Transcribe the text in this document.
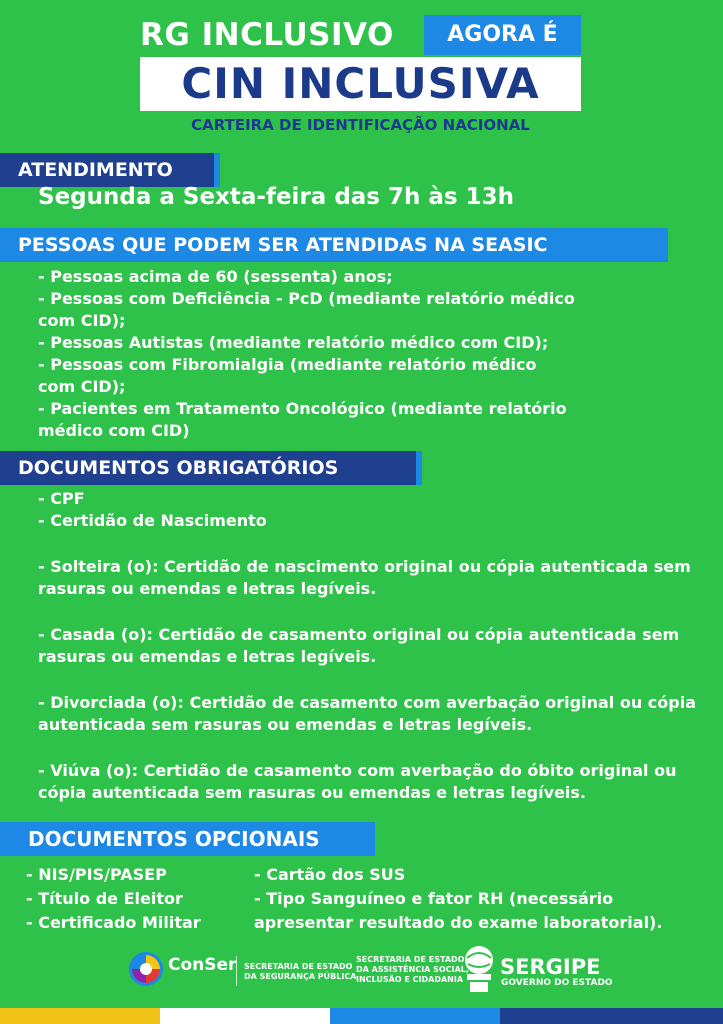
RG INCLUSIVO	AGORA É
CIN INCLUSIVA
CARTEIRA DE IDENTIFICAÇÃO NACIONAL
ATENDIMENTO
Segunda a Sexta-feira das 7h às 13h
PESSOAS QUE PODEM SER ATENDIDAS NA SEASIC
- Pessoas acima de 60 (sessenta) anos;
- Pessoas com Deficiência - PcD (mediante relatório médico
com CID);
- Pessoas Autistas (mediante relatório médico com CID);
- Pessoas com Fibromialgia (mediante relatório médico
com CID);
- Pacientes em Tratamento Oncológico (mediante relatório
médico com CID)
DOCUMENTOS OBRIGATÓRIOS
- CPF
- Certidão de Nascimento
- Solteira (o): Certidão de nascimento original ou cópia autenticada sem rasuras ou emendas e letras legíveis.
- Casada (o): Certidão de casamento original ou cópia autenticada sem rasuras ou emendas e letras legíveis.
- Divorciada (o): Certidão de casamento com averbação original ou cópia autenticada sem rasuras ou emendas e letras legíveis.
- Viúva (o): Certidão de casamento com averbação do óbito original ou cópia autenticada sem rasuras ou emendas e letras legíveis.
DOCUMENTOS OPCIONAIS
- NIS/PIS/PASEP
- Título de Eleitor
- Certificado Militar
- Cartão dos SUS
- Tipo Sanguíneo e fator RH (necessário
apresentar resultado do exame laboratorial).
ConSer SECRETARIA DE ESTADO
DA SEGURANÇA PÚBLICA
SECRETARIA DE ESTADO
DA ASSISTÊNCIA SOCIAL,
INCLUSÃO E CIDADANIA
SERGIPE
GOVERNO DO ESTADO
